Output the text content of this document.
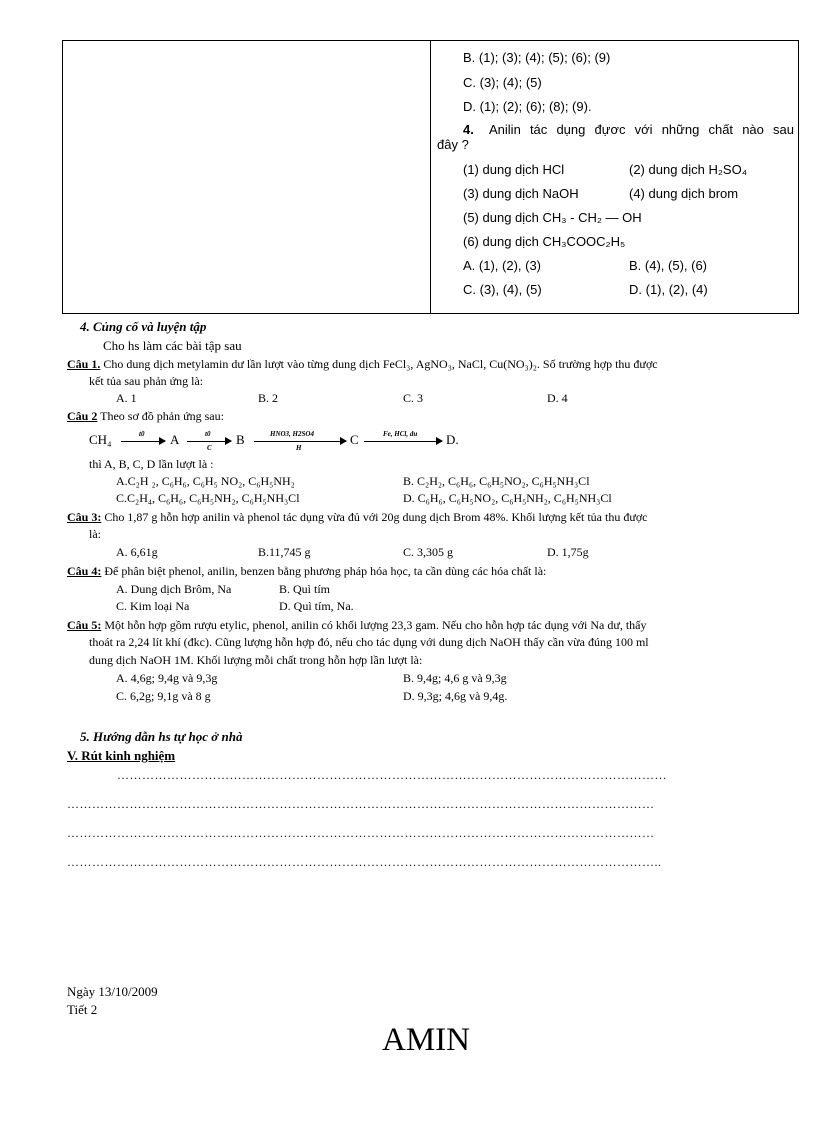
B. (1); (3); (4); (5); (6); (9)
C. (3); (4); (5)
D. (1); (2); (6); (8); (9).
4. Anilin tác dụng đựơc với những chất nào sau
đây ?
(1) dung dịch HCl	(2) dung dịch H₂SO₄
(3) dung dịch NaOH	(4) dung dịch brom
(5) dung dịch CH₃ - CH₂ — OH
(6) dung dịch CH₃COOC₂H₅
A. (1), (2), (3)	B. (4), (5), (6)
C. (3), (4), (5)	D. (1), (2), (4)
4. Củng cố và luyện tập
Cho hs làm các bài tập sau
Câu 1. Cho dung dịch metylamin dư lần lượt vào từng dung dịch FeCl₃, AgNO₃, NaCl, Cu(NO₃)₂. Số trường hợp thu được
kết tủa sau phản ứng là:
A. 1	B. 2	C. 3	D. 4
Câu 2 Theo sơ đồ phản ứng sau:
CH₄	t0 A	t0
C
B	HNO3, H2SO4
H
C	Fe, HCl, du D.
thì A, B, C, D lần lượt là :
A.C₂H ₂, C₆H₆, C₆H₅ NO₂, C₆H₅NH₂	B. C₂H₂, C₆H₆, C₆H₅NO₂, C₆H₅NH₃Cl
C.C₂H₄, C₆H₆, C₆H₅NH₂, C₆H₅NH₃Cl	D. C₆H₆, C₆H₅NO₂, C₆H₅NH₂, C₆H₅NH₃Cl
Câu 3: Cho 1,87 g hỗn hợp anilin và phenol tác dụng vừa đủ với 20g dung dịch Brom 48%. Khối lượng kết tủa thu được
là:
A. 6,61g	B.11,745 g	C. 3,305 g	D. 1,75g
Câu 4: Để phân biệt phenol, anilin, benzen bằng phương pháp hóa học, ta cần dùng các hóa chất là:
A. Dung dịch Brôm, Na	B. Quì tím
C. Kim loại Na	D. Quì tím, Na.
Câu 5: Một hỗn hợp gồm rượu etylic, phenol, anilin có khối lượng 23,3 gam. Nếu cho hỗn hợp tác dụng với Na dư, thấy
thoát ra 2,24 lít khí (đkc). Cũng lượng hỗn hợp đó, nếu cho tác dụng với dung dịch NaOH thấy cần vừa đúng 100 ml
dung dịch NaOH 1M. Khối lượng mỗi chất trong hỗn hợp lần lượt là:
A. 4,6g; 9,4g và 9,3g	B. 9,4g; 4,6 g và 9,3g
C. 6,2g; 9,1g và 8 g	D. 9,3g; 4,6g và 9,4g.
5. Hướng dẫn hs tự học ở nhà
V. Rút kinh nghiệm
……………………………………………………………………………………………………………………
……………………………………………………………………………………………………………………………
……………………………………………………………………………………………………………………………
……………………………………………………………………………………………………………………………..
Ngày 13/10/2009
Tiết 2
AMIN
